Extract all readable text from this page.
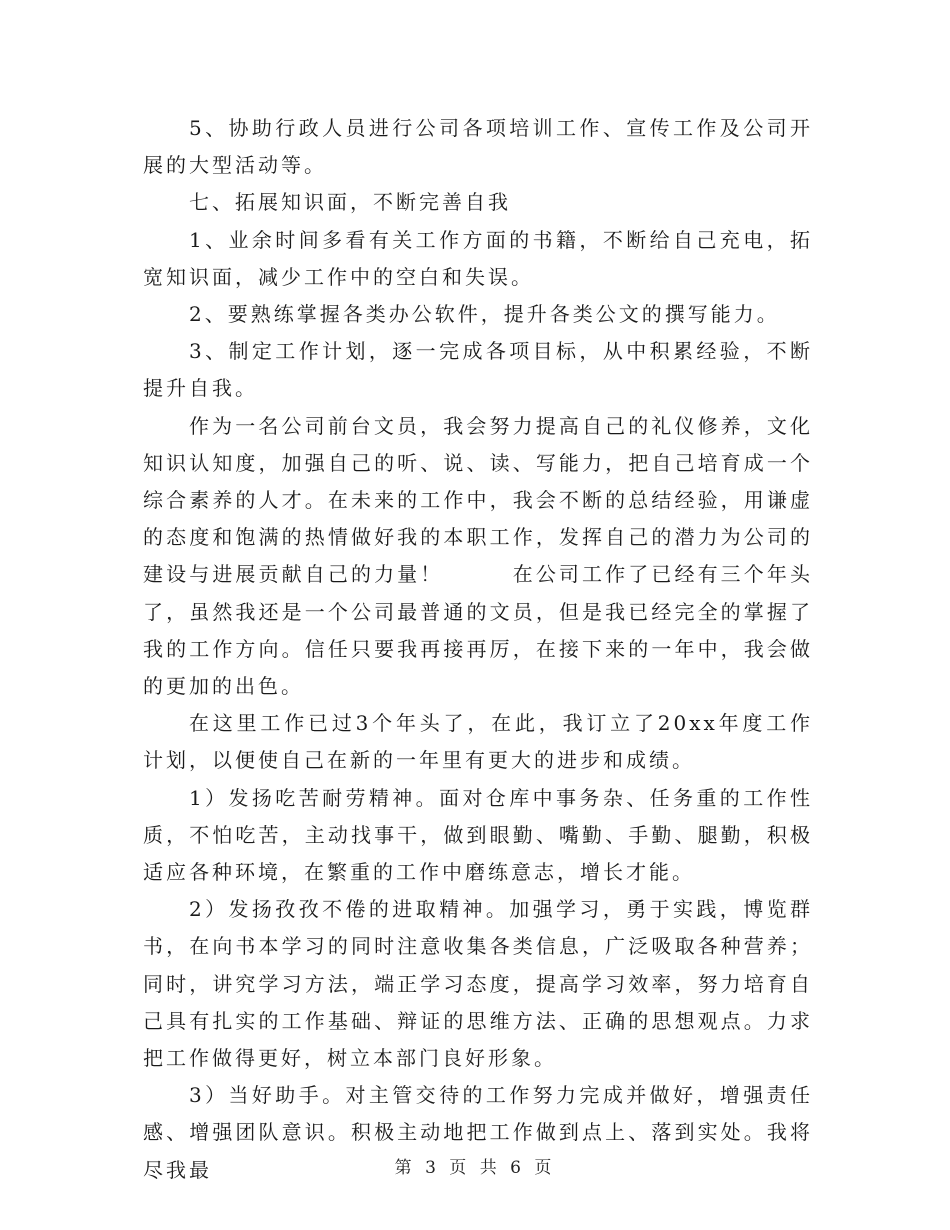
5、协助行政人员进行公司各项培训工作、宣传工作及公司开展的大型活动等。

七、拓展知识面，不断完善自我

1、业余时间多看有关工作方面的书籍，不断给自己充电，拓宽知识面，减少工作中的空白和失误。

2、要熟练掌握各类办公软件，提升各类公文的撰写能力。

3、制定工作计划，逐一完成各项目标，从中积累经验，不断提升自我。

作为一名公司前台文员，我会努力提高自己的礼仪修养，文化知识认知度，加强自己的听、说、读、写能力，把自己培育成一个综合素养的人才。在未来的工作中，我会不断的总结经验，用谦虚的态度和饱满的热情做好我的本职工作，发挥自己的潜力为公司的建设与进展贡献自己的力量！　　　在公司工作了已经有三个年头了，虽然我还是一个公司最普通的文员，但是我已经完全的掌握了我的工作方向。信任只要我再接再厉，在接下来的一年中，我会做的更加的出色。

在这里工作已过3个年头了，在此，我订立了20xx年度工作计划，以便使自己在新的一年里有更大的进步和成绩。

1）发扬吃苦耐劳精神。面对仓库中事务杂、任务重的工作性质，不怕吃苦，主动找事干，做到眼勤、嘴勤、手勤、腿勤，积极适应各种环境，在繁重的工作中磨练意志，增长才能。

2）发扬孜孜不倦的进取精神。加强学习，勇于实践，博览群书，在向书本学习的同时注意收集各类信息，广泛吸取各种营养；同时，讲究学习方法，端正学习态度，提高学习效率，努力培育自己具有扎实的工作基础、辩证的思维方法、正确的思想观点。力求把工作做得更好，树立本部门良好形象。

3）当好助手。对主管交待的工作努力完成并做好，增强责任感、增强团队意识。积极主动地把工作做到点上、落到实处。我将尽我最	第 3 页 共 6 页
